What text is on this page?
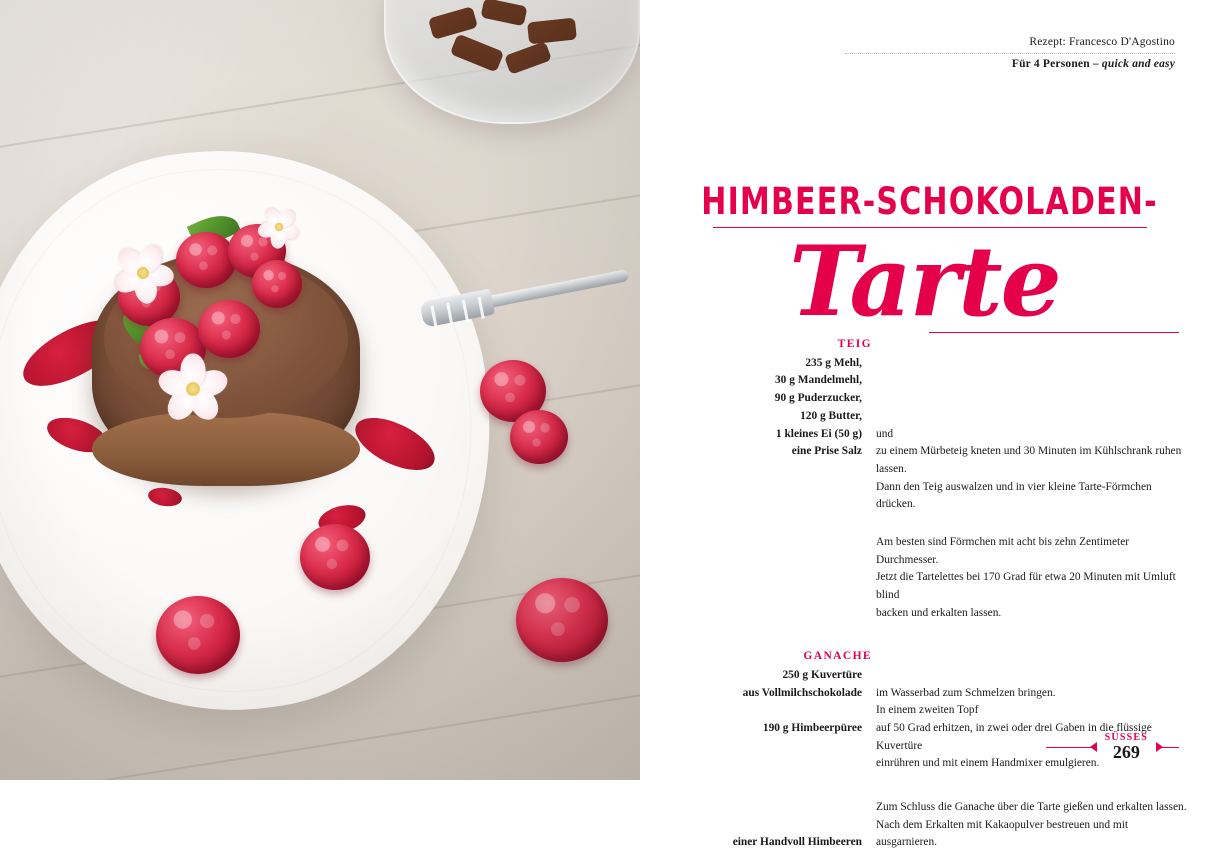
Rezept: Francesco D'Agostino
Für 4 Personen – quick and easy
HIMBEER-SCHOKOLADEN-
Tarte
TEIG
235 g Mehl,
30 g Mandelmehl,
90 g Puderzucker,
120 g Butter,
1 kleines Ei (50 g)	und
eine Prise Salz	zu einem Mürbeteig kneten und 30 Minuten im Kühlschrank ruhen lassen.
Dann den Teig auswalzen und in vier kleine Tarte-Förmchen drücken.
Am besten sind Förmchen mit acht bis zehn Zentimeter Durchmesser.
Jetzt die Tartelettes bei 170 Grad für etwa 20 Minuten mit Umluft blind
backen und erkalten lassen.
GANACHE
250 g Kuvertüre
aus Vollmilchschokolade	im Wasserbad zum Schmelzen bringen.
In einem zweiten Topf
190 g Himbeerpüree	auf 50 Grad erhitzen, in zwei oder drei Gaben in die flüssige Kuvertüre
einrühren und mit einem Handmixer emulgieren.
Zum Schluss die Ganache über die Tarte gießen und erkalten lassen.
Nach dem Erkalten mit Kakaopulver bestreuen und mit
einer Handvoll Himbeeren	ausgarnieren.
SÜSSES
269
